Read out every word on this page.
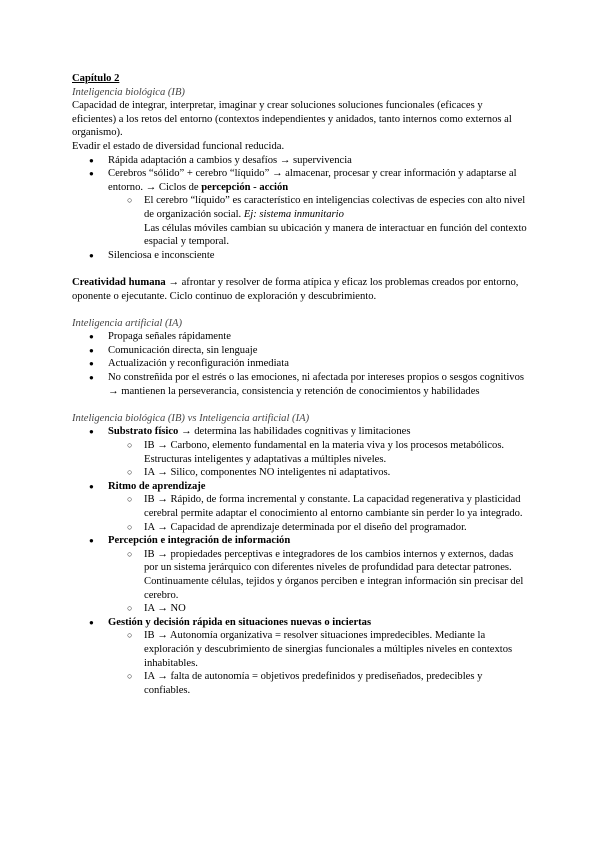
Capítulo 2

Inteligencia biológica (IB)

Capacidad de integrar, interpretar, imaginar y crear soluciones soluciones funcionales (eficaces y eficientes) a los retos del entorno (contextos independientes y anidados, tanto internos como externos al organismo).

Evadir el estado de diversidad funcional reducida.

● Rápida adaptación a cambios y desafíos → supervivencia
● Cerebros “sólido” + cerebro “líquido” → almacenar, procesar y crear información y adaptarse al entorno. → Ciclos de percepción - acción
○ El cerebro “líquido” es característico en inteligencias colectivas de especies con alto nivel de organización social. Ej: sistema inmunitario
Las células móviles cambian su ubicación y manera de interactuar en función del contexto espacial y temporal.
● Silenciosa e inconsciente

Creatividad humana → afrontar y resolver de forma atípica y eficaz los problemas creados por entorno, oponente o ejecutante. Ciclo continuo de exploración y descubrimiento.

Inteligencia artificial (IA)

● Propaga señales rápidamente
● Comunicación directa, sin lenguaje
● Actualización y reconfiguración inmediata
● No constreñida por el estrés o las emociones, ni afectada por intereses propios o sesgos cognitivos → mantienen la perseverancia, consistencia y retención de conocimientos y habilidades

Inteligencia biológica (IB) vs Inteligencia artificial (IA)

● Substrato físico → determina las habilidades cognitivas y limitaciones
○ IB → Carbono, elemento fundamental en la materia viva y los procesos metabólicos. Estructuras inteligentes y adaptativas a múltiples niveles.
○ IA → Silico, componentes NO inteligentes ni adaptativos.
● Ritmo de aprendizaje
○ IB → Rápido, de forma incremental y constante. La capacidad regenerativa y plasticidad cerebral permite adaptar el conocimiento al entorno cambiante sin perder lo ya integrado.
○ IA → Capacidad de aprendizaje determinada por el diseño del programador.
● Percepción e integración de información
○ IB → propiedades perceptivas e integradores de los cambios internos y externos, dadas por un sistema jerárquico con diferentes niveles de profundidad para detectar patrones. Continuamente células, tejidos y órganos perciben e integran información sin precisar del cerebro.
○ IA → NO
● Gestión y decisión rápida en situaciones nuevas o inciertas
○ IB → Autonomía organizativa = resolver situaciones impredecibles. Mediante la exploración y descubrimiento de sinergias funcionales a múltiples niveles en contextos inhabitables.
○ IA → falta de autonomía = objetivos predefinidos y prediseñados, predecibles y confiables.
